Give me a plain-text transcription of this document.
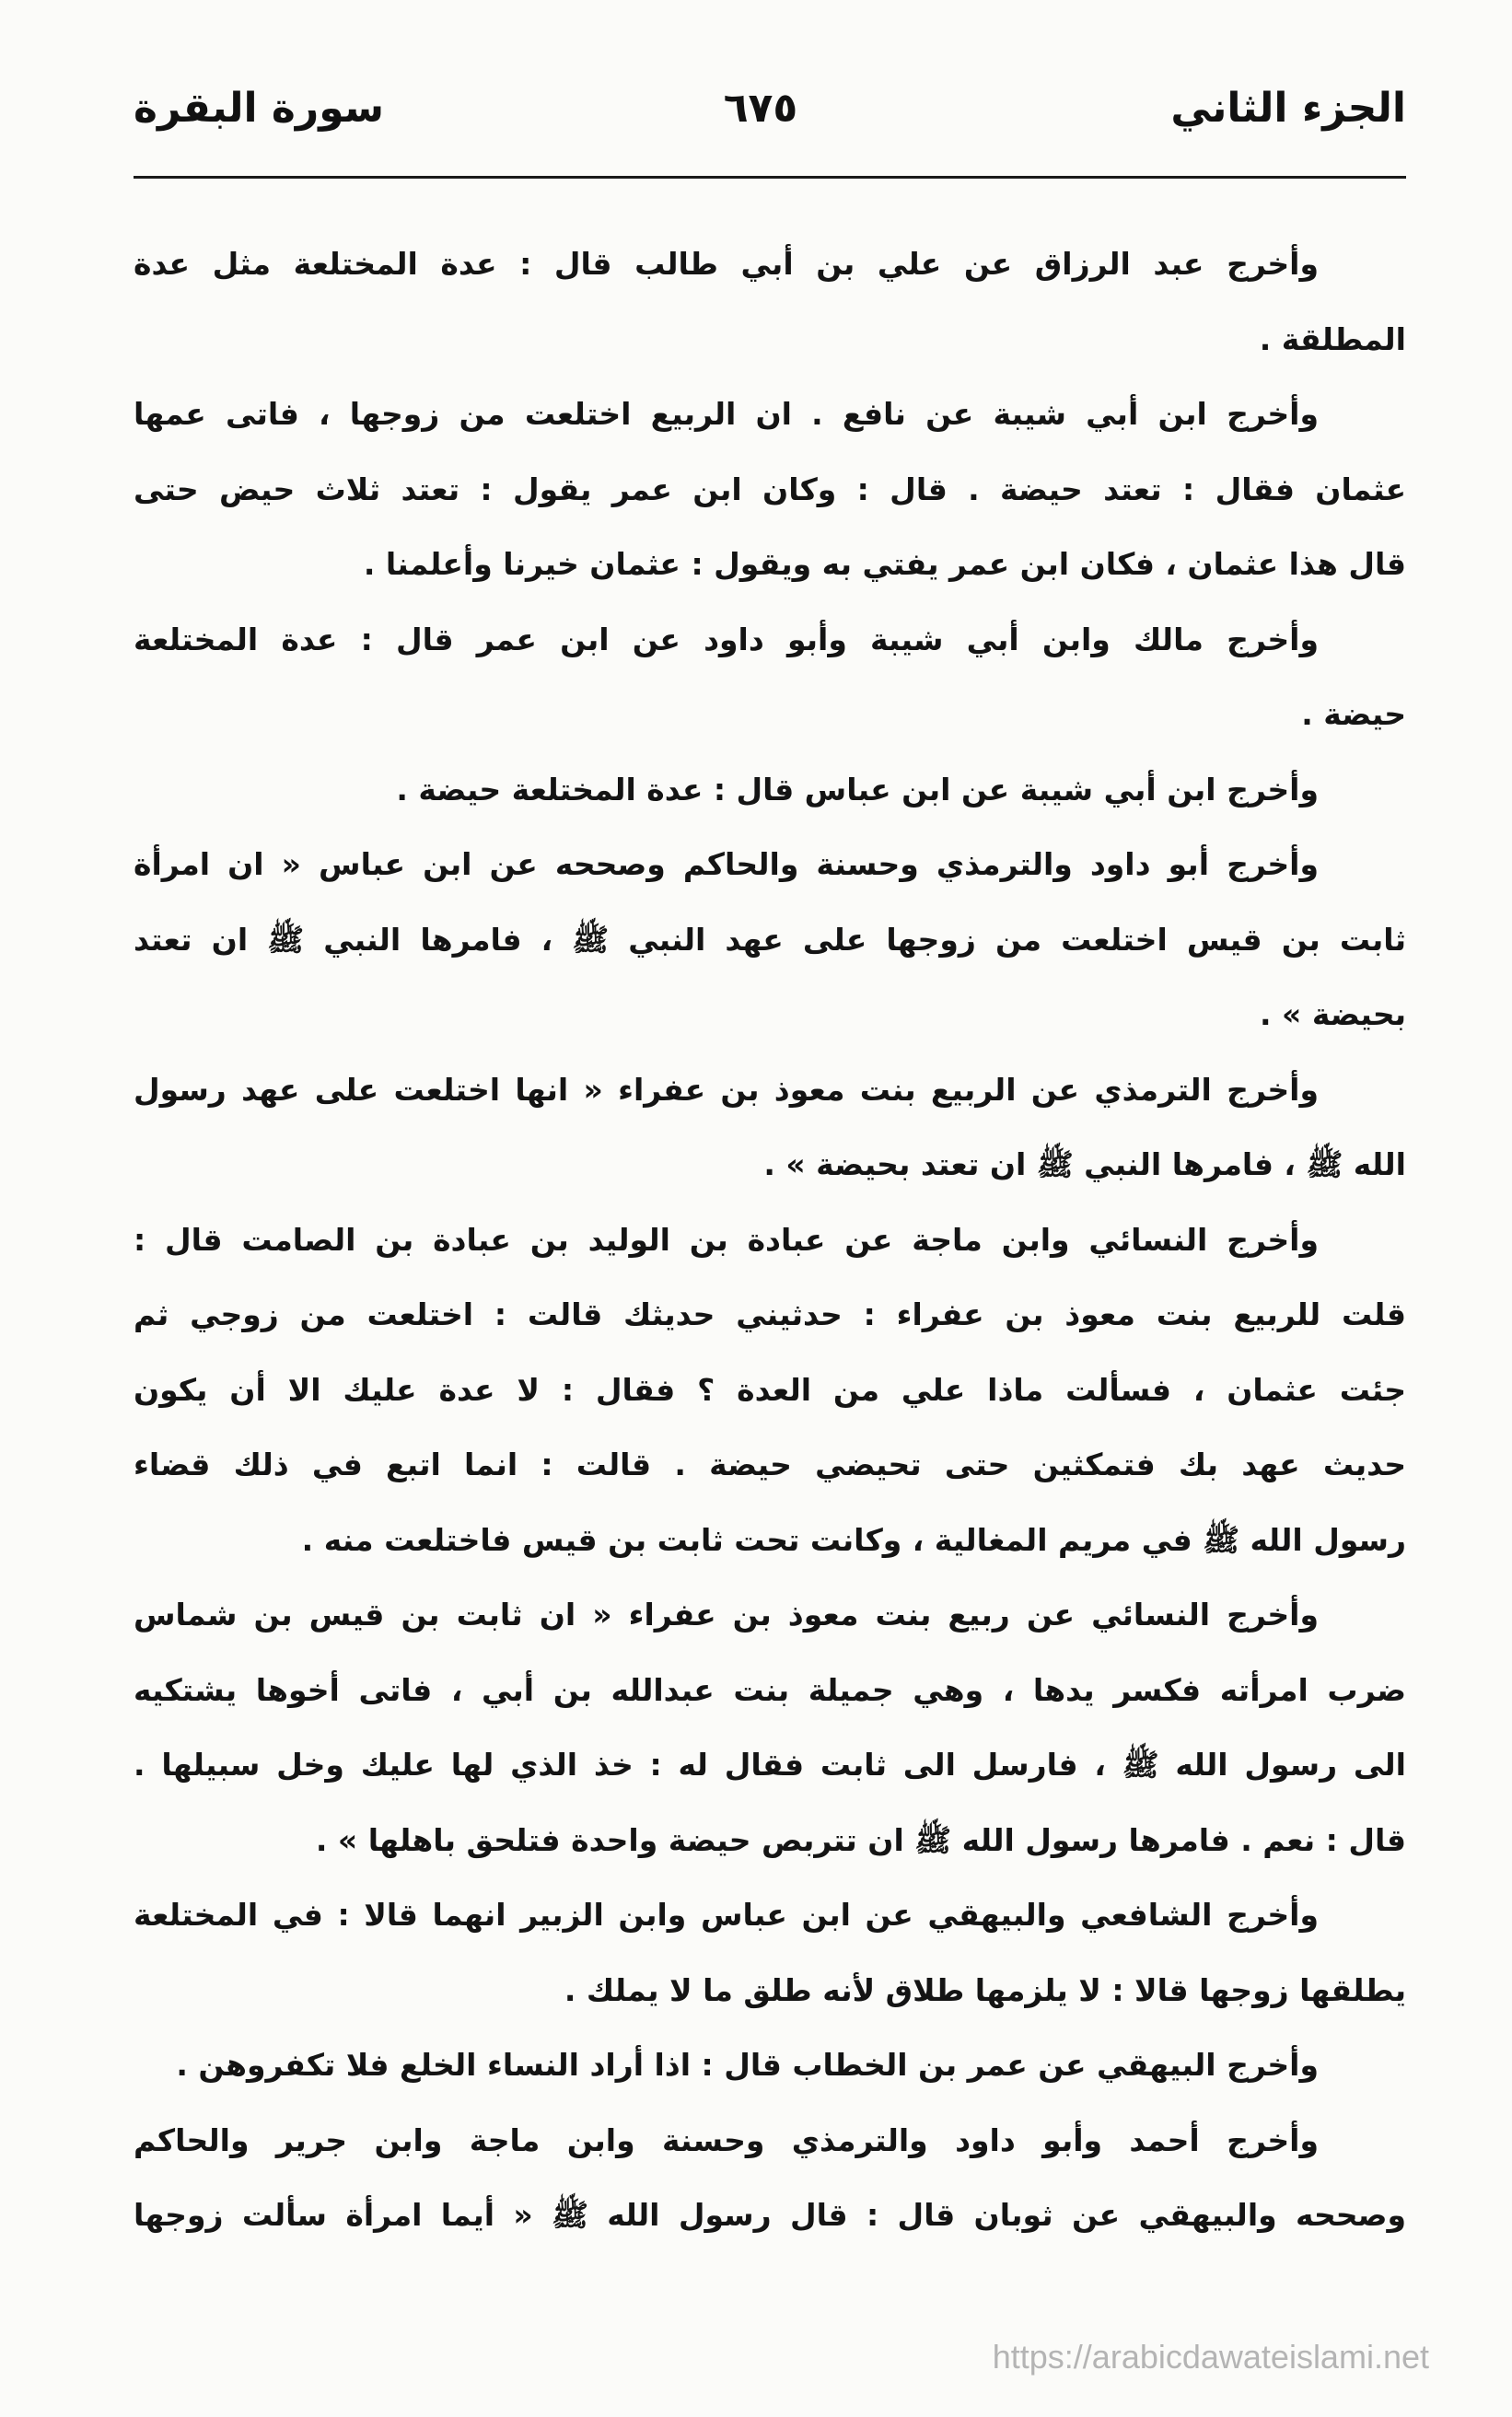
الجزء الثاني
٦٧٥
سورة البقرة
وأخرج عبد الرزاق عن علي بن أبي طالب قال : عدة المختلعة مثل عدة
المطلقة .
وأخرج ابن أبي شيبة عن نافع . ان الربيع اختلعت من زوجها ، فاتى عمها
عثمان فقال : تعتد حيضة . قال : وكان ابن عمر يقول : تعتد ثلاث حيض حتى
قال هذا عثمان ، فكان ابن عمر يفتي به ويقول : عثمان خيرنا وأعلمنا .
وأخرج مالك وابن أبي شيبة وأبو داود عن ابن عمر قال : عدة المختلعة
حيضة .
وأخرج ابن أبي شيبة عن ابن عباس قال : عدة المختلعة حيضة .
وأخرج أبو داود والترمذي وحسنة والحاكم وصححه عن ابن عباس « ان امرأة
ثابت بن قيس اختلعت من زوجها على عهد النبي ﷺ ، فامرها النبي ﷺ ان تعتد
بحيضة » .
وأخرج الترمذي عن الربيع بنت معوذ بن عفراء « انها اختلعت على عهد رسول
الله ﷺ ، فامرها النبي ﷺ ان تعتد بحيضة » .
وأخرج النسائي وابن ماجة عن عبادة بن الوليد بن عبادة بن الصامت قال :
قلت للربيع بنت معوذ بن عفراء : حدثيني حديثك قالت : اختلعت من زوجي ثم
جئت عثمان ، فسألت ماذا علي من العدة ؟ فقال : لا عدة عليك الا أن يكون
حديث عهد بك فتمكثين حتى تحيضي حيضة . قالت : انما اتبع في ذلك قضاء
رسول الله ﷺ في مريم المغالية ، وكانت تحت ثابت بن قيس فاختلعت منه .
وأخرج النسائي عن ربيع بنت معوذ بن عفراء « ان ثابت بن قيس بن شماس
ضرب امرأته فكسر يدها ، وهي جميلة بنت عبدالله بن أبي ، فاتى أخوها يشتكيه
الى رسول الله ﷺ ، فارسل الى ثابت فقال له : خذ الذي لها عليك وخل سبيلها .
قال : نعم . فامرها رسول الله ﷺ ان تتربص حيضة واحدة فتلحق باهلها » .
وأخرج الشافعي والبيهقي عن ابن عباس وابن الزبير انهما قالا : في المختلعة
يطلقها زوجها قالا : لا يلزمها طلاق لأنه طلق ما لا يملك .
وأخرج البيهقي عن عمر بن الخطاب قال : اذا أراد النساء الخلع فلا تكفروهن .
وأخرج أحمد وأبو داود والترمذي وحسنة وابن ماجة وابن جرير والحاكم
وصححه والبيهقي عن ثوبان قال : قال رسول الله ﷺ « أيما امرأة سألت زوجها
https://arabicdawateislami.net
